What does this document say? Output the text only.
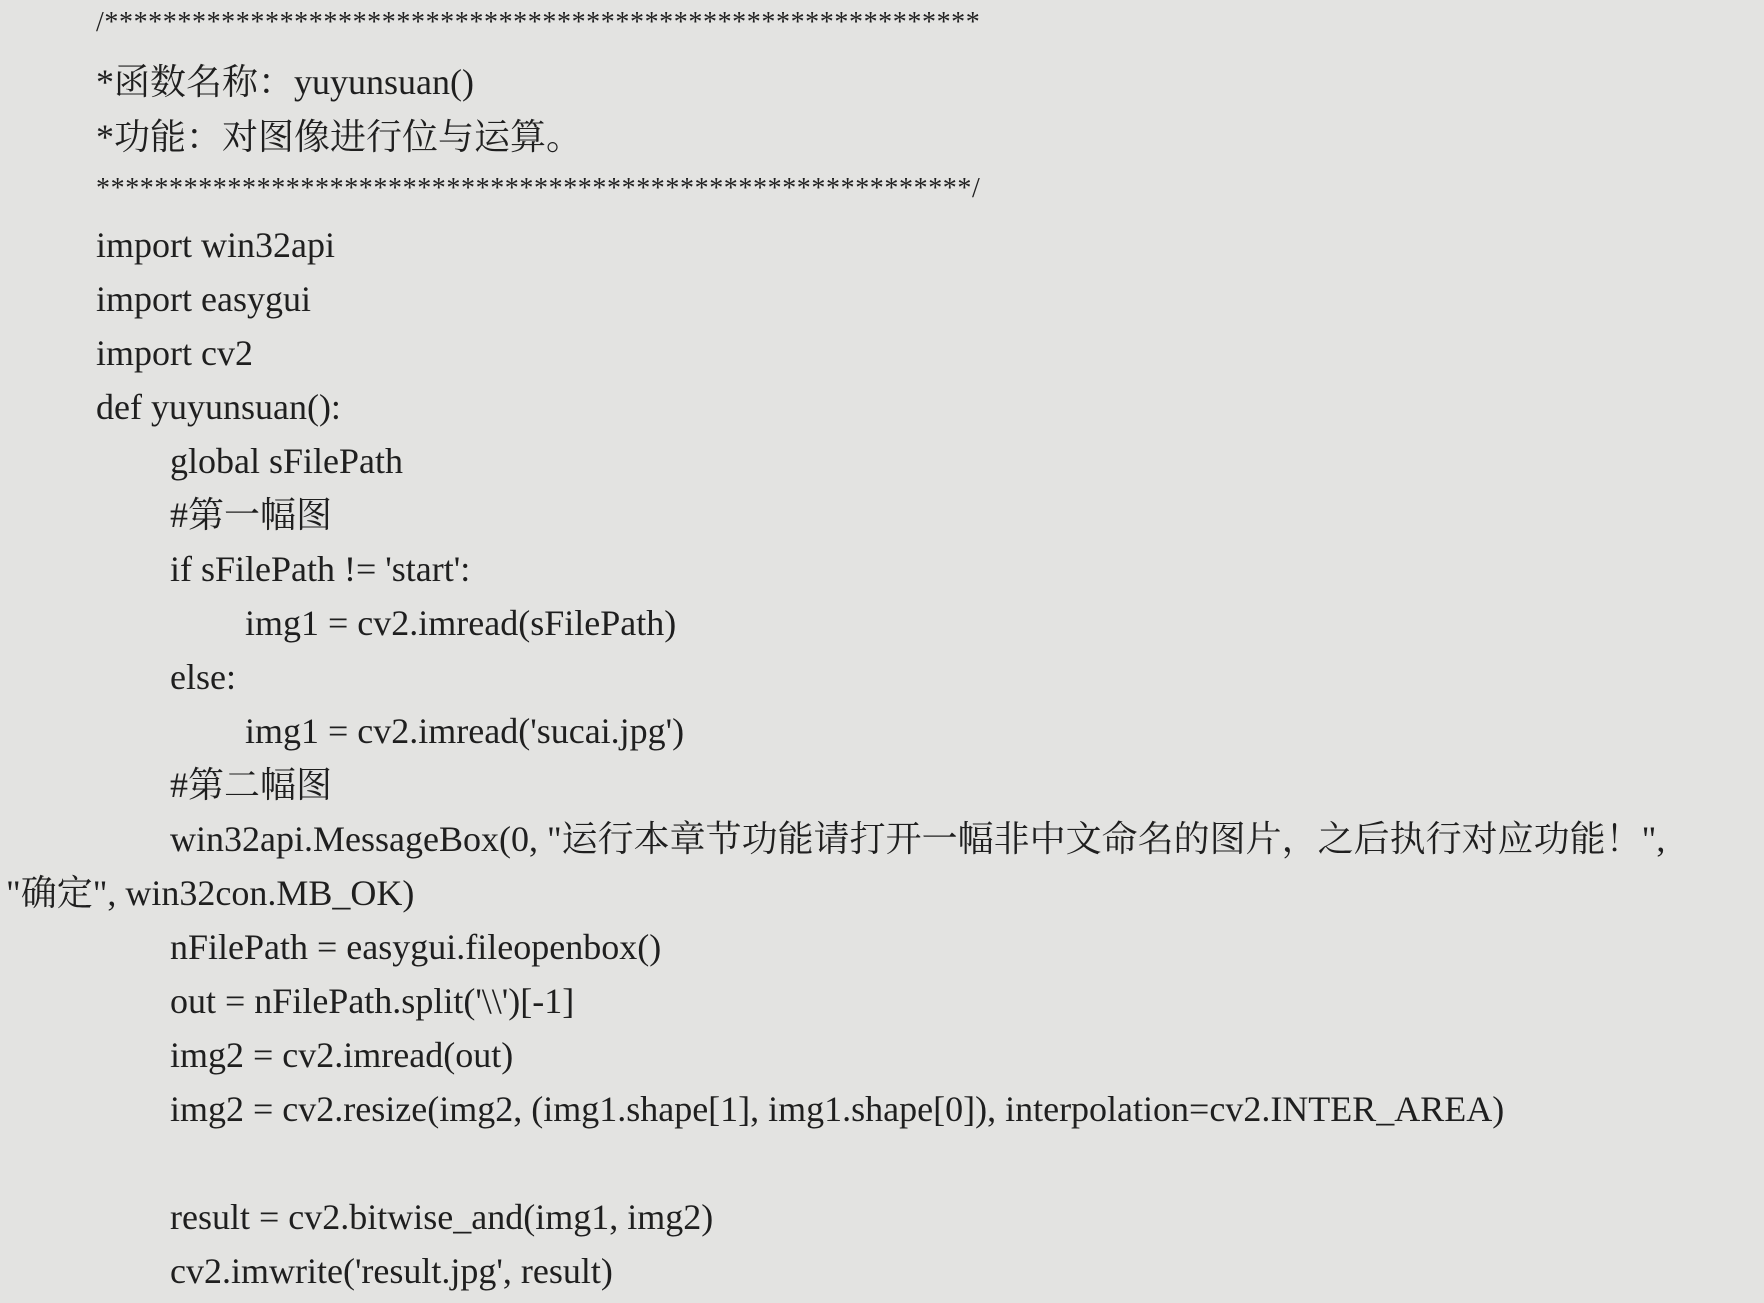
/************************************************************
*函数名称：yuyunsuan()
*功能：对图像进行位与运算。
************************************************************/
import win32api
import easygui
import cv2
def yuyunsuan():
global sFilePath
#第一幅图
if sFilePath != 'start':
img1 = cv2.imread(sFilePath)
else:
img1 = cv2.imread('sucai.jpg')
#第二幅图
win32api.MessageBox(0, "运行本章节功能请打开一幅非中文命名的图片，之后执行对应功能！",
"确定", win32con.MB_OK)
nFilePath = easygui.fileopenbox()
out = nFilePath.split('\\')[-1]
img2 = cv2.imread(out)
img2 = cv2.resize(img2, (img1.shape[1], img1.shape[0]), interpolation=cv2.INTER_AREA)
result = cv2.bitwise_and(img1, img2)
cv2.imwrite('result.jpg', result)
